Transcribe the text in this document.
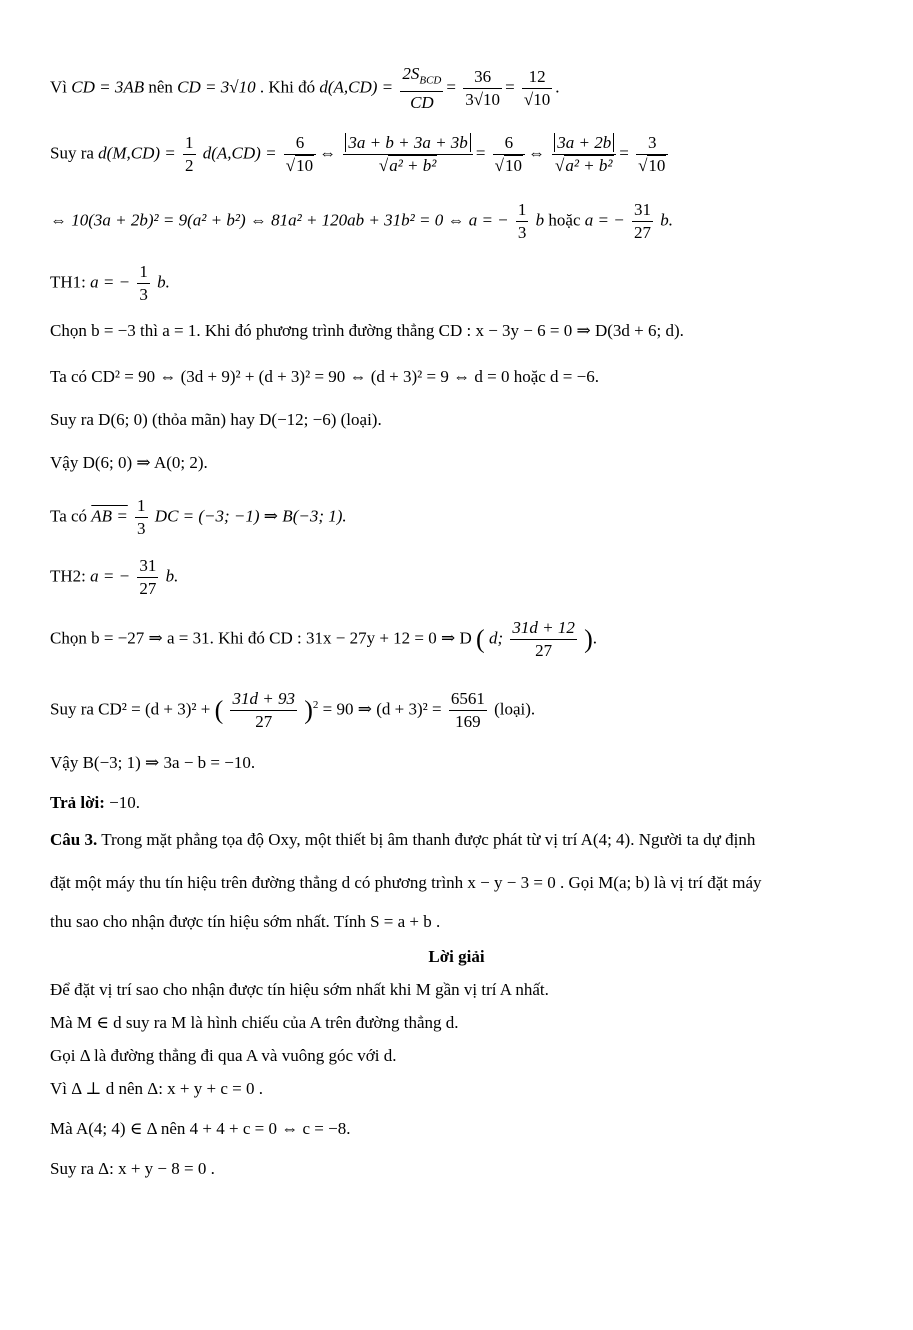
Vì CD = 3AB nên CD = 3√10 . Khi đó d(A,CD) =
$2S_{BCD}$
CD
= $\frac{36}{3√10} = \frac{12}{√10}$ .
Suy ra $d(M,CD) = \frac{1}{2} d(A,CD) = \frac{6}{√10}$ ⇔ $\frac{3a + b + 3a + 3b}{\text{√a² + b²}} = \frac{6}{√10}$ ⇔ $\frac{3a + 2b}{\text{√a² + b²}} = \frac{3}{√10}$
⇔ 10(3a + 2b)² = 9(a² + b²) ⇔ 81a² + 120ab + 31b² = 0 ⇔ a = − $\frac{1}{3}$ b hoặc a = − $\frac{31}{27} b$.
TH1: a = − $\frac{1}{3} b$.
Chọn b = −3 thì a = 1. Khi đó phương trình đường thẳng CD : x − 3y − 6 = 0 ⇒ D(3d + 6; d).
Ta có CD² = 90 ⇔ (3d + 9)² + (d + 3)² = 90 ⇔ (d + 3)² = 9 ⇔ d = 0 hoặc d = −6.
Suy ra D(6; 0) (thỏa mãn) hay D(−12; −6) (loại).
Vậy D(6; 0) ⇒ A(0; 2).
Ta có AB = $\frac{1}{3}$ DC = (−3; −1) ⇒ B(−3; 1).
TH2: a = − $\frac{31}{27} b$.
Chọn b = −27 ⇒ a = 31. Khi đó CD : 31x − 27y + 12 = 0 ⇒ D ( d; $\frac{31d + 12}{27}$ ).
Suy ra CD² = (d + 3)² + ( $\frac{31d + 93}{27} )^2 = 90$ ⇒ $(d + 3)^2 = \frac{6561}{169}$ (loại).
Vậy B(−3; 1) ⇒ 3a − b = −10.
Trả lời: −10.
Câu 3. Trong mặt phẳng tọa độ Oxy, một thiết bị âm thanh được phát từ vị trí A(4; 4). Người ta dự định
đặt một máy thu tín hiệu trên đường thẳng d có phương trình x − y − 3 = 0 . Gọi M(a; b) là vị trí đặt máy
thu sao cho nhận được tín hiệu sớm nhất. Tính S = a + b .
Lời giải
Để đặt vị trí sao cho nhận được tín hiệu sớm nhất khi M gần vị trí A nhất.
Mà M ∈ d suy ra M là hình chiếu của A trên đường thẳng d.
Gọi Δ là đường thẳng đi qua A và vuông góc với d.
Vì Δ ⊥ d nên Δ: x + y + c = 0 .
Mà A(4; 4) ∈ Δ nên 4 + 4 + c = 0 ⇔ c = −8.
Suy ra Δ: x + y − 8 = 0 .
